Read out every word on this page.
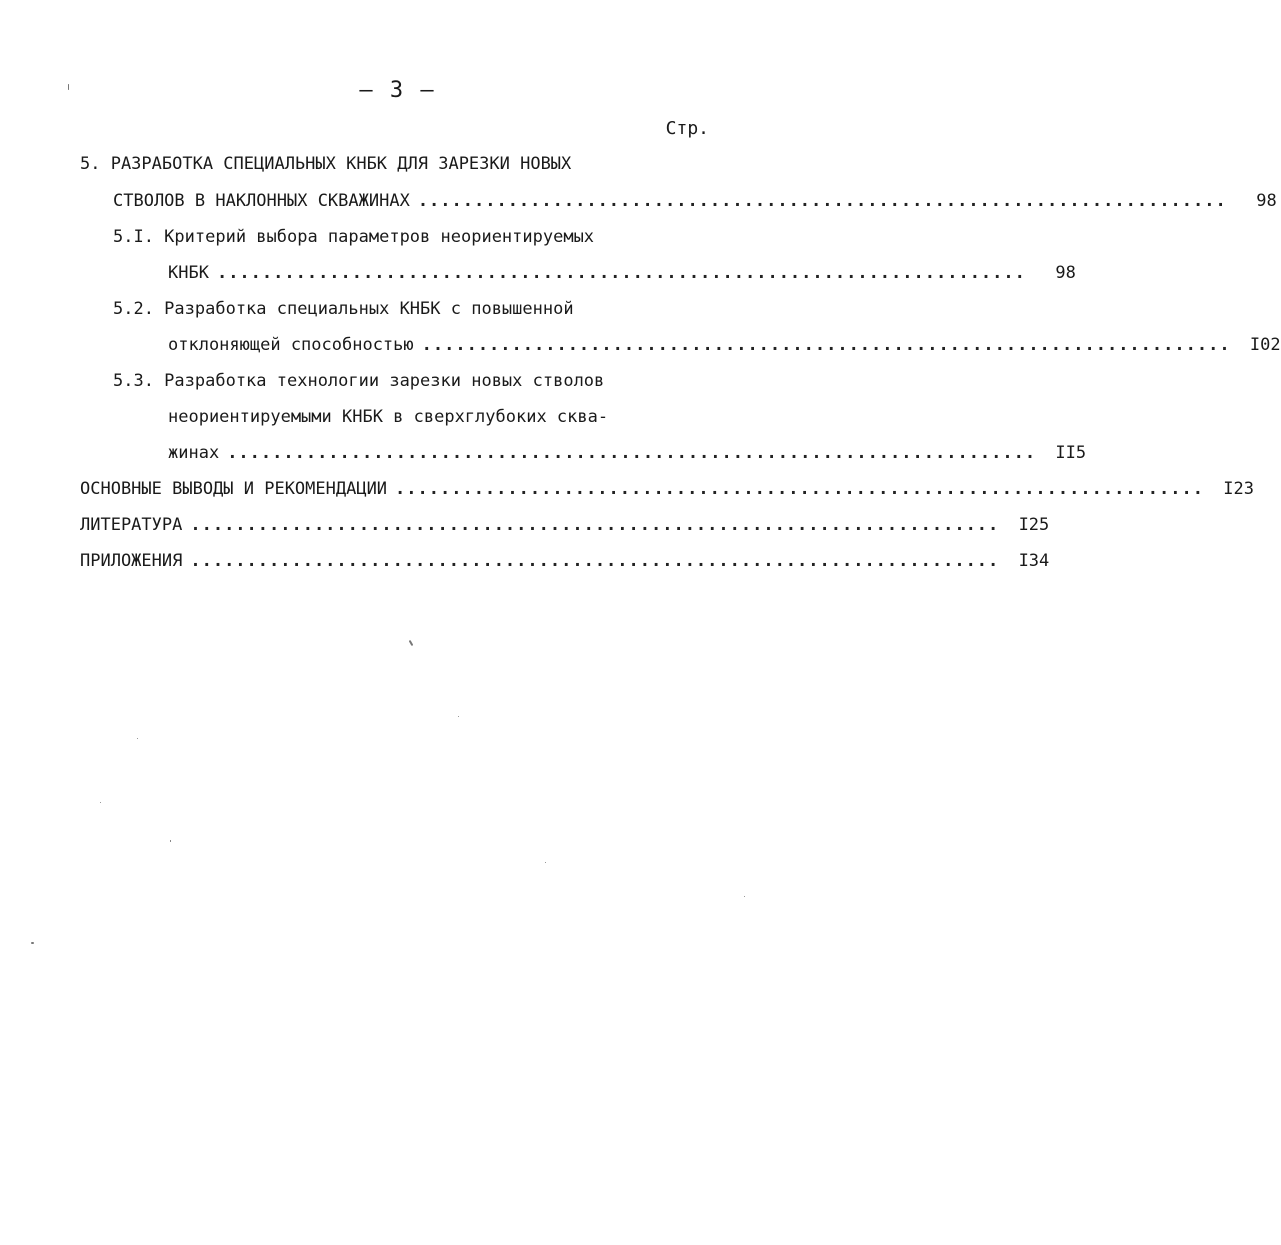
– 3 –
Стр.
5. РАЗРАБОТКА СПЕЦИАЛЬНЫХ КНБК ДЛЯ ЗАРЕЗКИ НОВЫХ
СТВОЛОВ В НАКЛОННЫХ СКВАЖИНАХ ........................................................................	98
5.I. Критерий выбора параметров неориентируемых
КНБК ........................................................................	98
5.2. Разработка специальных КНБК с повышенной
отклоняющей способностью ........................................................................	I02
5.3. Разработка технологии зарезки новых стволов
неориентируемыми КНБК в сверхглубоких сква-
жинах ........................................................................	II5
ОСНОВНЫЕ ВЫВОДЫ И РЕКОМЕНДАЦИИ ........................................................................	I23
ЛИТЕРАТУРА ........................................................................	I25
ПРИЛОЖЕНИЯ ........................................................................	I34
